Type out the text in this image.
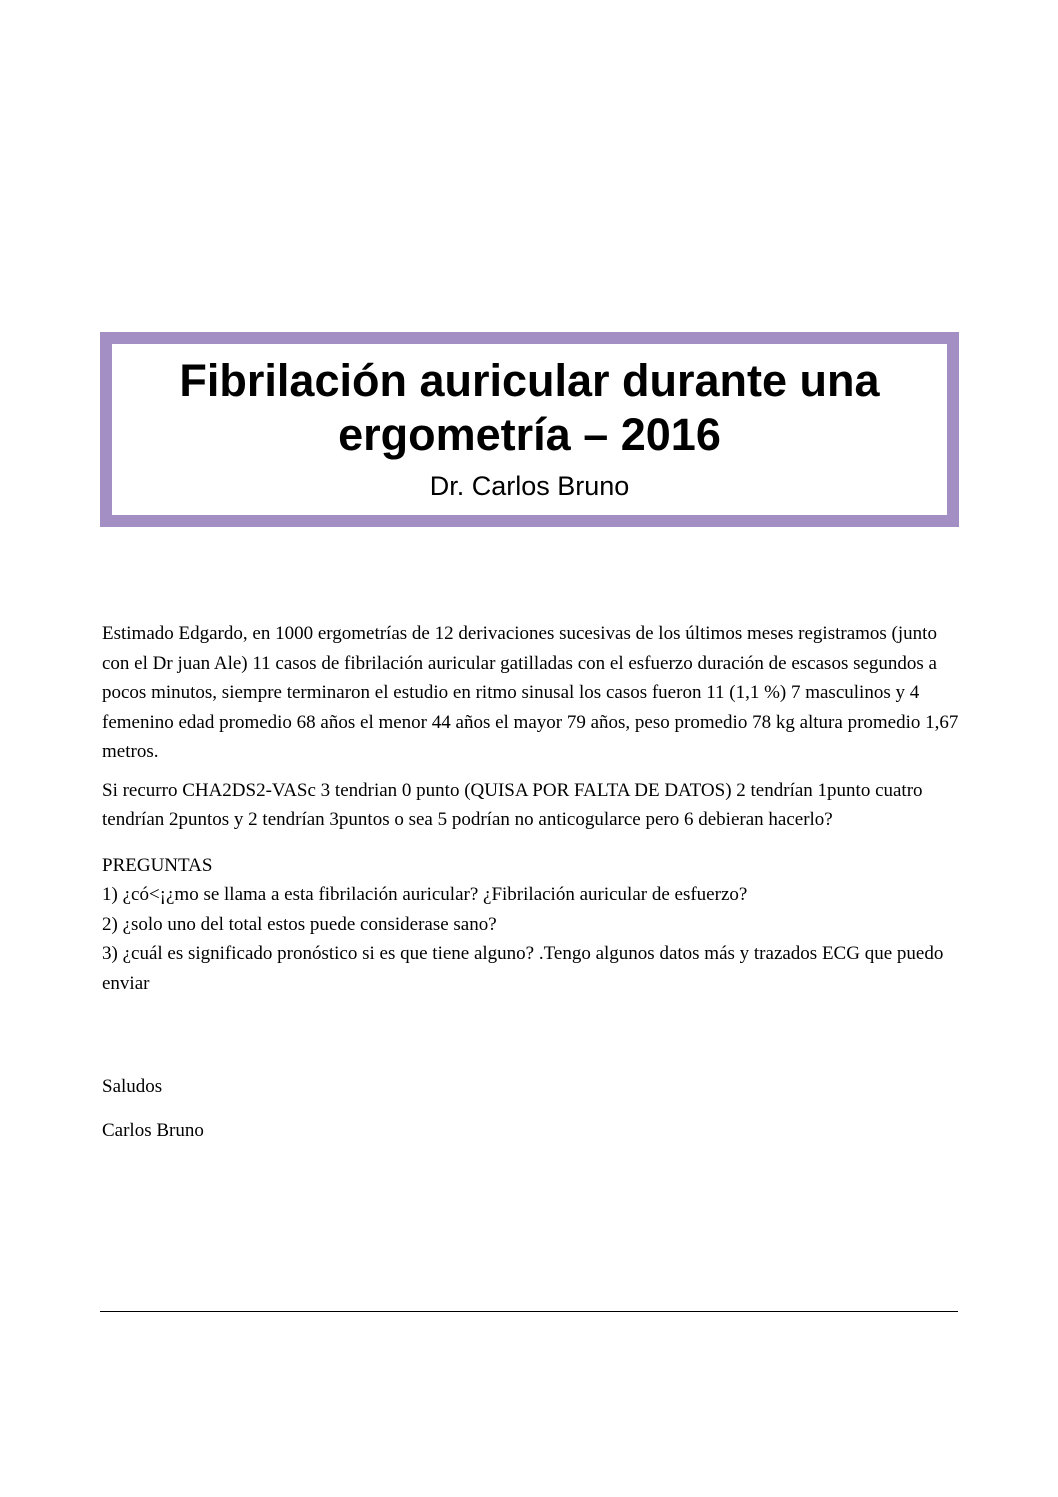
Fibrilación auricular durante una
ergometría – 2016

Dr. Carlos Bruno

Estimado Edgardo, en 1000 ergometrías de 12 derivaciones sucesivas de los últimos meses registramos (junto con el Dr juan Ale) 11 casos de fibrilación auricular gatilladas con el esfuerzo duración de escasos segundos a pocos minutos, siempre terminaron el estudio en ritmo sinusal los casos fueron 11 (1,1 %) 7 masculinos y 4 femenino edad promedio 68 años el menor 44 años el mayor 79 años, peso promedio 78 kg altura promedio 1,67 metros.

Si recurro CHA2DS2-VASc 3 tendrian 0 punto (QUISA POR FALTA DE DATOS) 2 tendrían 1punto cuatro tendrían 2puntos y 2 tendrían 3puntos o sea 5 podrían no anticogularce pero 6 debieran hacerlo?

PREGUNTAS
1) ¿có<¡¿mo se llama a esta fibrilación auricular? ¿Fibrilación auricular de esfuerzo?
2) ¿solo uno del total estos puede considerase sano?
3) ¿cuál es significado pronóstico si es que tiene alguno? .Tengo algunos datos más y trazados ECG que puedo enviar

Saludos

Carlos Bruno
